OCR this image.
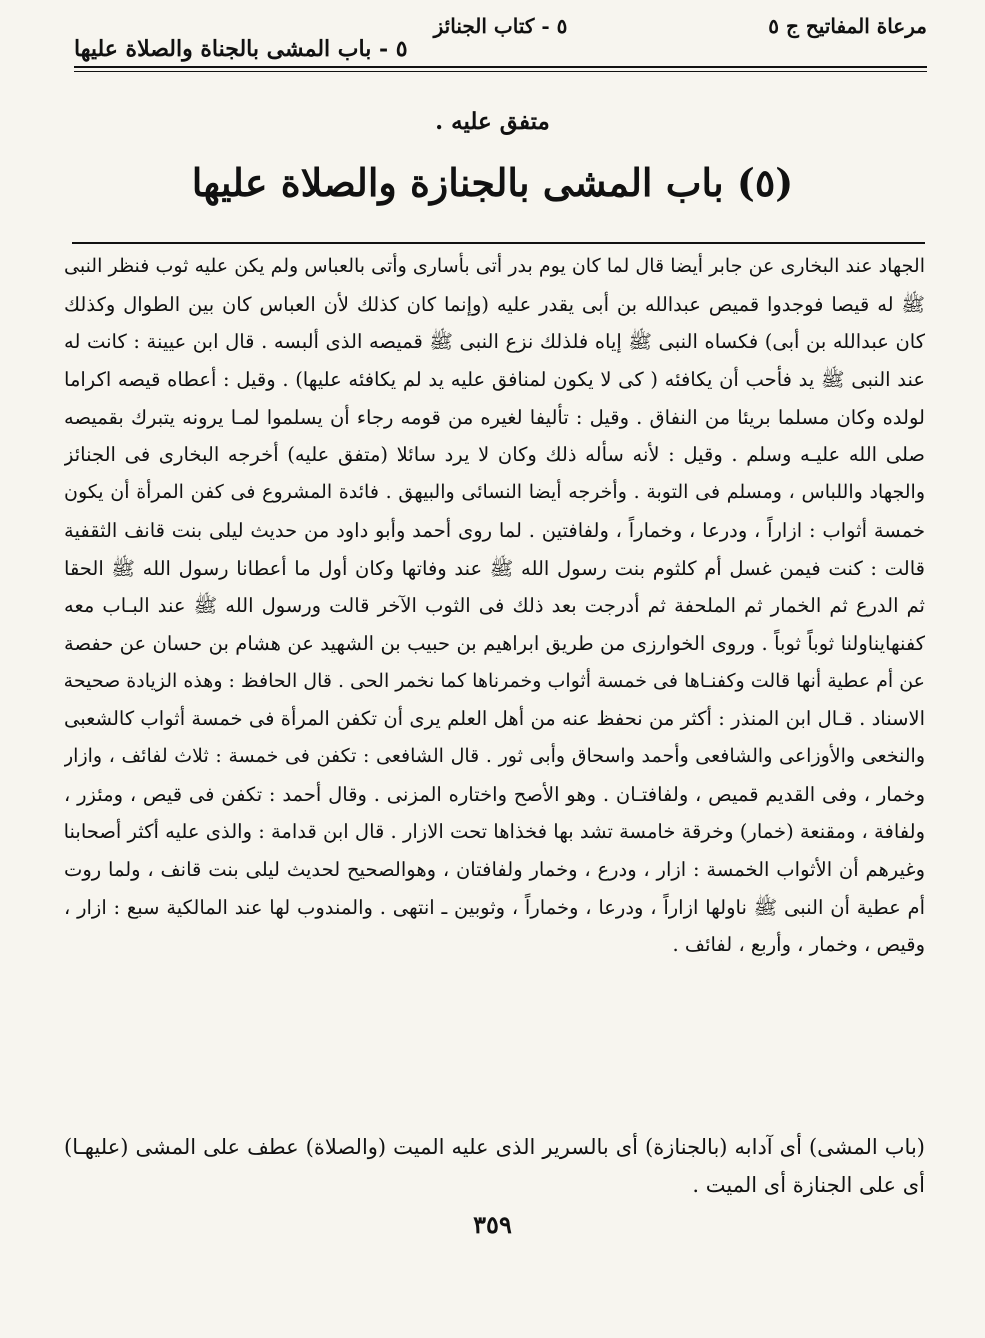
مرعاة المفاتيح ج ٥
٥ - كتاب الجنائز
٥ - باب المشى بالجناة والصلاة عليها
متفق عليه .
(٥) باب المشى بالجنازة والصلاة عليها
الجهاد عند البخارى عن جابر أيضا قال لما كان يوم بدر أتى بأسارى وأتى بالعباس ولم يكن عليه ثوب فنظر النبى
ﷺ له قيصا فوجدوا قميص عبدالله بن أبى يقدر عليه (وإنما كان كذلك لأن العباس كان بين الطوال وكذلك
كان عبدالله بن أبى) فكساه النبى ﷺ إياه فلذلك نزع النبى ﷺ قميصه الذى ألبسه . قال ابن عيينة : كانت له
عند النبى ﷺ يد فأحب أن يكافئه ( كى لا يكون لمنافق عليه يد لم يكافئه عليها) . وقيل : أعطاه قيصه اكراما
لولده وكان مسلما بريئا من النفاق . وقيل : تأليفا لغيره من قومه رجاء أن يسلموا لمـا يرونه يتبرك بقميصه
صلى الله عليـه وسلم . وقيل : لأنه سأله ذلك وكان لا يرد سائلا (متفق عليه) أخرجه البخارى فى الجنائز
والجهاد واللباس ، ومسلم فى التوبة . وأخرجه أيضا النسائى والبيهق . فائدة المشروع فى كفن المرأة أن يكون
خمسة أثواب : ازاراً ، ودرعا ، وخماراً ، ولفافتين . لما روى أحمد وأبو داود من حديث ليلى بنت قانف الثقفية
قالت : كنت فيمن غسل أم كلثوم بنت رسول الله ﷺ عند وفاتها وكان أول ما أعطانا رسول الله ﷺ الحقا
ثم الدرع ثم الخمار ثم الملحفة ثم أدرجت بعد ذلك فى الثوب الآخر قالت ورسول الله ﷺ عند البـاب معه
كفنهايناولنا ثوباً ثوباً . وروى الخوارزى من طريق ابراهيم بن حبيب بن الشهيد عن هشام بن حسان عن حفصة
عن أم عطية أنها قالت وكفنـاها فى خمسة أثواب وخمرناها كما نخمر الحى . قال الحافظ : وهذه الزيادة صحيحة
الاسناد . قـال ابن المنذر : أكثر من نحفظ عنه من أهل العلم يرى أن تكفن المرأة فى خمسة أثواب كالشعبى
والنخعى والأوزاعى والشافعى وأحمد واسحاق وأبى ثور . قال الشافعى : تكفن فى خمسة : ثلاث لفائف ، وازار
وخمار ، وفى القديم قميص ، ولفافتـان . وهو الأصح واختاره المزنى . وقال أحمد : تكفن فى قيص ، ومئزر ،
ولفافة ، ومقنعة (خمار) وخرقة خامسة تشد بها فخذاها تحت الازار . قال ابن قدامة : والذى عليه أكثر أصحابنا
وغيرهم أن الأثواب الخمسة : ازار ، ودرع ، وخمار ولفافتان ، وهوالصحيح لحديث ليلى بنت قانف ، ولما روت
أم عطية أن النبى ﷺ ناولها ازاراً ، ودرعا ، وخماراً ، وثوبين ـ انتهى . والمندوب لها عند المالكية سبع : ازار ،
وقيص ، وخمار ، وأربع ، لفائف .
(باب المشى) أى آدابه (بالجنازة) أى بالسرير الذى عليه الميت (والصلاة) عطف على المشى (عليهـا)
أى على الجنازة أى الميت .
٣٥٩
